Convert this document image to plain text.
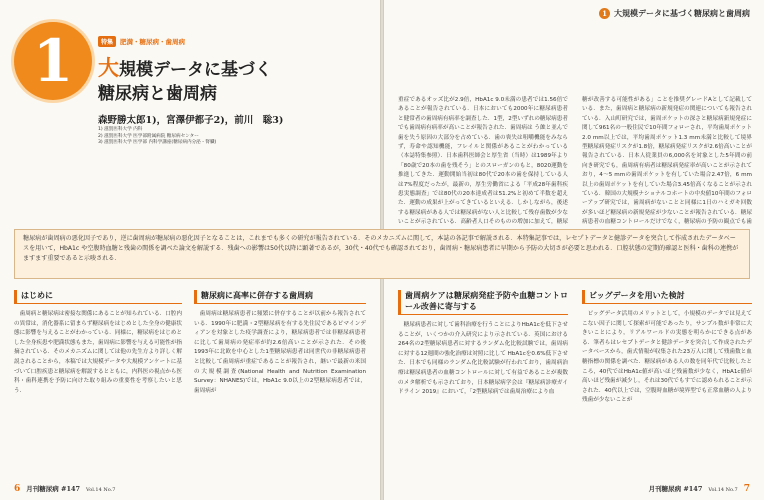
1	特集	肥満・糖尿病・歯周病
大規模データに基づく
糖尿病と歯周病
森野勝太郎1)，宮澤伊都子2)，前川　聡3)
1) 滋賀医科大学 内科
2) 滋賀医科大学 医学部附属病院 糖尿病センター
3) 滋賀医科大学 医学部 内科学講座(糖尿病内分泌・腎臓)
はじめに

歯周病と糖尿病は密接な関係にあることが知られている．口腔内の異常は，消化器系に留まらず糖尿病をはじめとした全身の健康状態に影響を与えることがわかっている．同様に，糖尿病をはじめとした全身疾患や肥満状態もまた，歯周病に影響を与える可能性が指摘されている．そのメカニズムに関しては他の先生方より詳しく解説されることから，本稿では大規模データや大規模アンケートに基づいて口腔疾患と糖尿病を解説するとともに，内科医の視点から医科・歯科連携を予防に向けた取り組みの重要性を考察したいと思う．

糖尿病に高率に併存する歯周病

歯周病は糖尿病患者に頻繁に併存することが以前から報告されている．1990年に肥満・2型糖尿病を有する先住民であるピマインディアンを対象とした疫学調査により，糖尿病患者では非糖尿病患者に比して歯周病の発症率が約2.6倍高いことが示された．その後1993年に北欧を中心とした1型糖尿病患者は同世代の非糖尿病患者と比較して歯周病が重症であることが報告され，継いで最新の米国の大規模調査(National Health and Nutrition Examination Survey：NHANES)では，HbA1c 9.0以上の2型糖尿病患者では，歯周病が

6 月刊糖尿病 #147 Vol.14 No.7
1 大規模データに基づく糖尿病と歯周病

重症であるオッズ比が2.9倍，HbA1c 9.0未満の患者では1.56倍であることが報告されている．日本においても2000年に糖尿病患者と健常者の歯周病有病率を調査した．1型，2型いずれの糖尿病患者でも歯周病有病率が高いことが報告された．歯周病は う蝕と並んで歯を失う原因の大部分を占めている．歯の喪失は咀嚼機能をみならず，寿命や認知機能，フレイルと関係があることがわかっている（本誌特集参照）．日本歯科医師会と厚生省（当時）は1989年より「80歳で20本の歯を残そう」とのスローガンのもと，8020運動を推進してきた．運動開始当初は80代で20本の歯を保持している人は7%程度だったが，最新の，厚生労働省による「平成28年歯科疾患実態調査」では80代の20本達成者は51.2%と初めて半数を超えた．運動の成果が上がってきているといえる．しかしながら，後述する糖尿病がある人では糖尿病がない人と比較して残存歯数が少ないことが示されている．高齢者人口そのものの増加に加えて，糖尿

糖が改善する可能性がある」ことを推奨グレードAとして記載している．また，歯周病と糖尿病の新規発症の関連についても報告されている．入山町研究では，歯周ポケットの深さと糖尿病新規発症に関して961名の一般住民で10年間フォローされ，平均歯周ポケット2.0 mm以上では，平均歯周ポケット1.3 mm未満と比較して境界型糖尿病発症リスクが1.8倍，糖尿病発症リスクが2.6倍高いことが報告されている．日本人従業員の6,000名を対象とした5年間の前向き研究でも，歯周病有病者は糖尿病発症率が高いことが示されており，4～5 mmの歯周ポケットを有していた場合2.47倍，6 mm以上の歯周ポケットを有していた場合3.45倍高くなることが示されている．韓国の大規模ナショナルコホートの中央値10年間のフォローアップ研究では，歯周病がないことと同様に1日のハミガキ回数が多いほど糖尿病の新規発症が少ないことが報告されている．糖尿病患者の血糖コントロールだけでなく，糖尿病の予防の観点でも歯

歯周病ケアは糖尿病発症予防や血糖コントロール改善に寄与する

糖尿病患者に対して歯科治療を行うことによりHbA1cを低下させることが，いくつかの介入研究により示されている．英国における264名の2型糖尿病患者に対するランダム化比較試験では，歯周病に対する12週間の強化治療は対照に比して HbA1cを0.6%低下させた．日本でも同様のランダム化比較試験が行われており，歯周病治療は糖尿病患者の血糖コントロールに対して有益であることが複数のメタ解析でも示されており，日本糖尿病学会は『糖尿病診療ガイドライン 2019』において，「2型糖尿病では歯周治療により血

ビッグデータを用いた検討

ビッグデータ活用のメリットとして，小規模のデータでは見えてこない因子に関して探索が可能であったり，サンプル数が非常に大きいことにより，リアルワールドの実態を明らかにできる点がある．筆者らはレセプトデータと健診データを突合して作成されたデータベースから，歯式情報が収集された23万人に関して残歯数と血糖指標の関係を調べた．糖尿病がある人の数を同年代で比較したところ，40代ではHbA1c値が高いほど残歯数が少なく，HbA1c値が高いほど残歯が減少し，それは30代でもすでに認められることが示された．40代以上では，空腹時血糖が境界型でも正常血糖の人より残歯が少ないことが

月刊糖尿病 #147 Vol.14 No.7 7
糖尿病が歯周病の悪化因子であり，逆に歯周病が糖尿病の悪化因子となることは，これまでも多くの研究が報告されている．そのメカニズムに関して，本誌の各記事で解説される．本特集記事では，レセプトデータと健診データを突合して作成されたデータベースを用いて，HbA1c や空腹時血糖と残歯の関係を調べた論文を解説する．残歯への影響は50代以降に顕著であるが，30代・40代でも確認されており，歯周病・糖尿病患者に早期から予防の大切さが必要と思われる．口腔状態の定期的確認と医科・歯科の連携がますます重要であると示唆される．
